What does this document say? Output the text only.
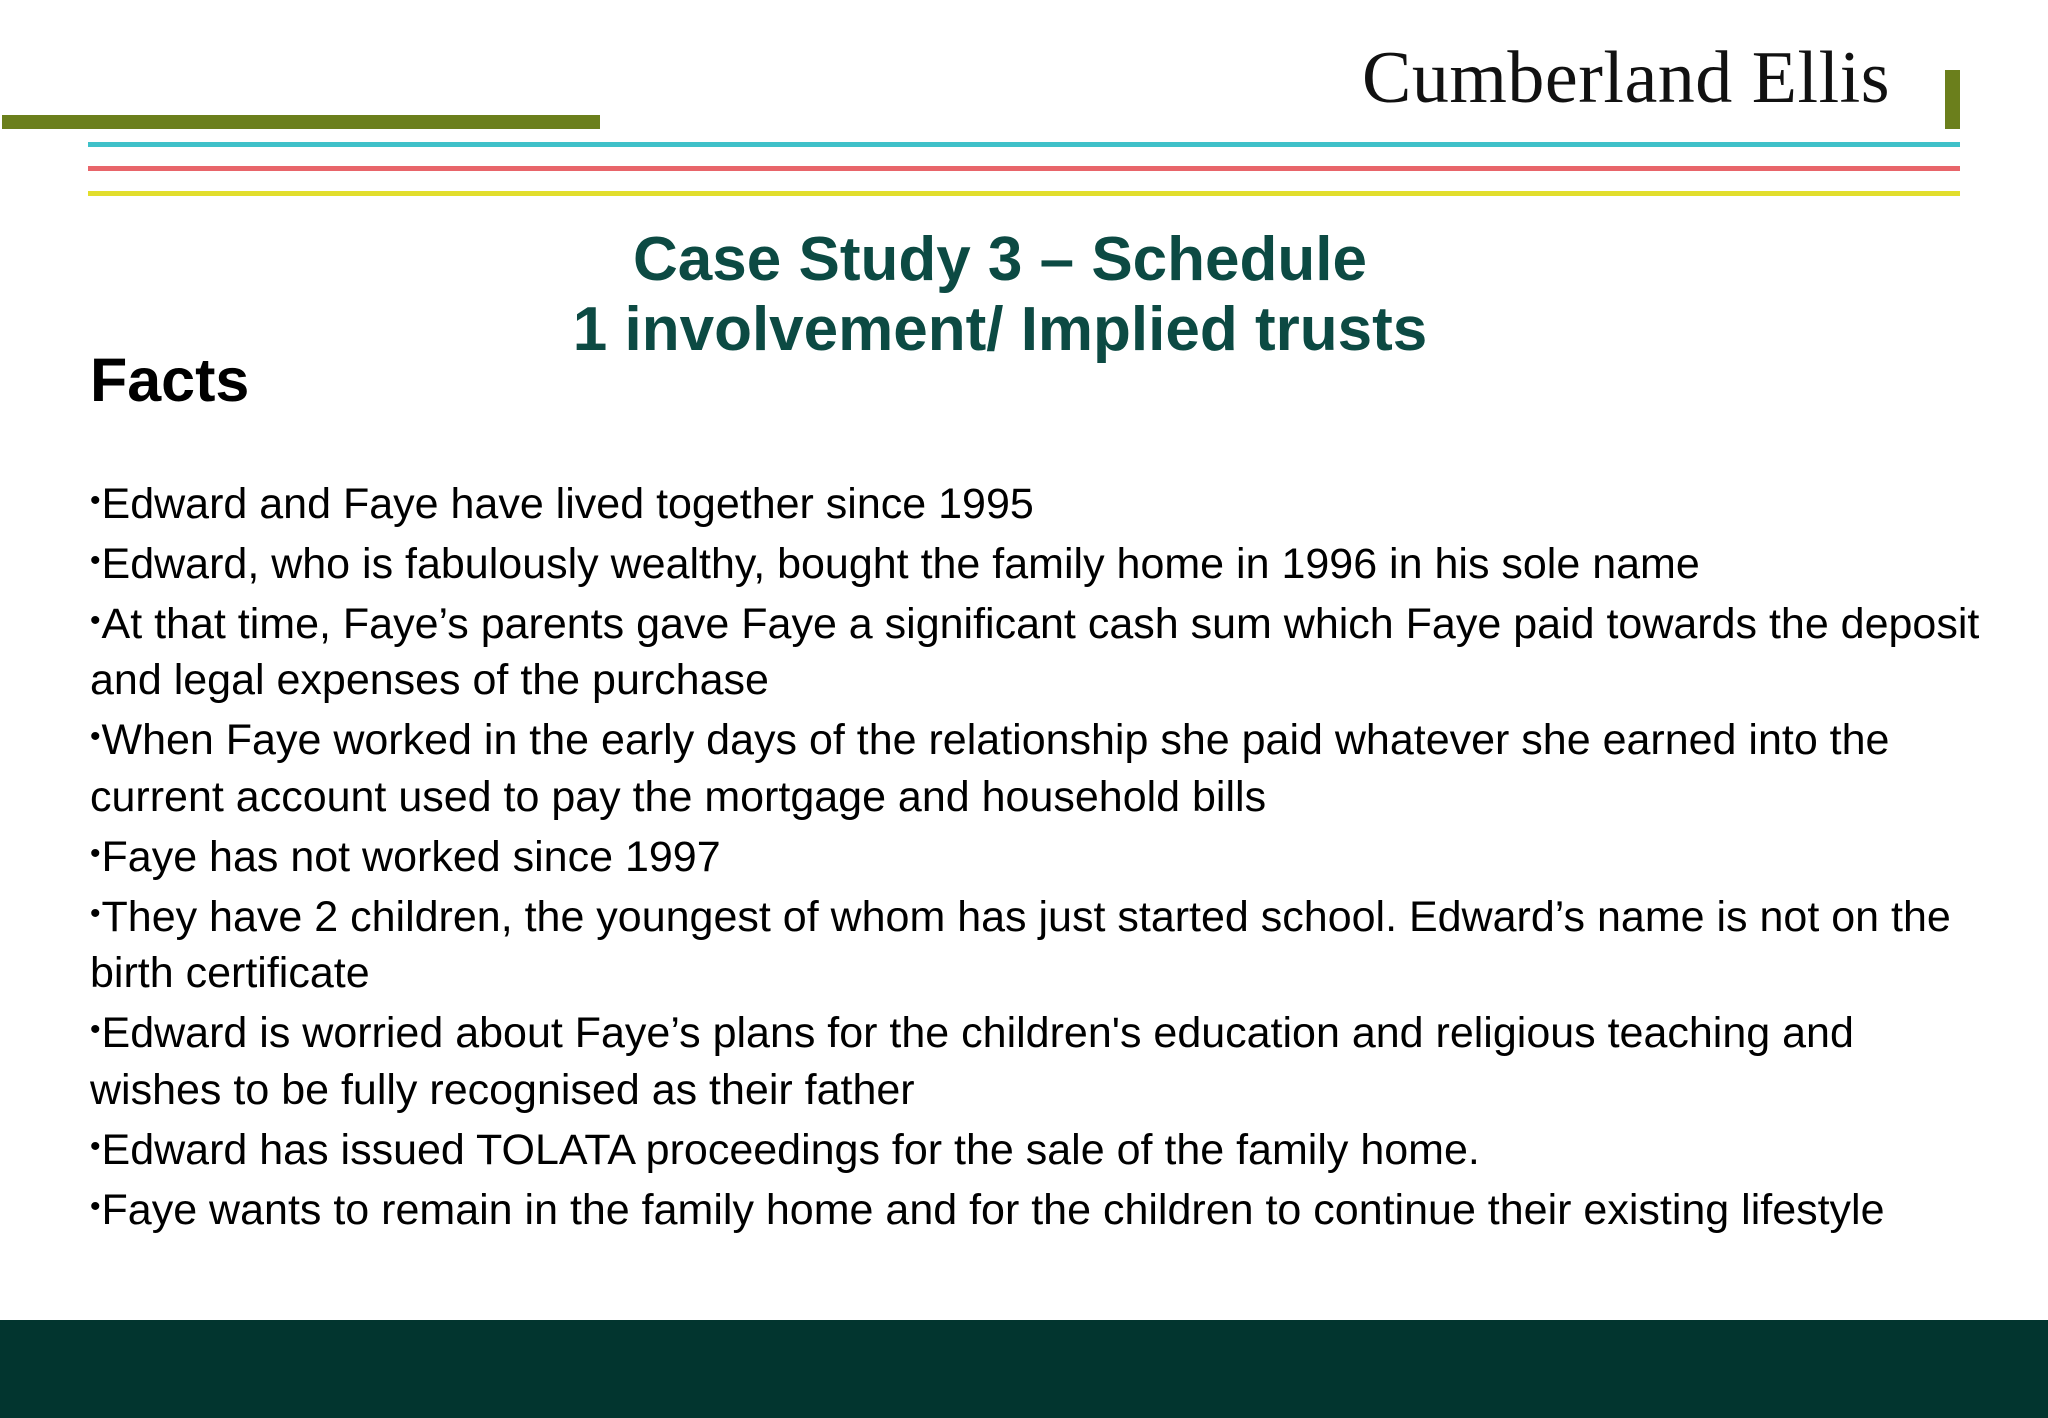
Cumberland Ellis
Case Study 3 – Schedule
1 involvement/ Implied trusts
Facts
• Edward and Faye have lived together since 1995
• Edward, who is fabulously wealthy, bought the family home in 1996 in his sole name
• At that time, Faye’s parents gave Faye a significant cash sum which Faye paid towards the deposit and legal expenses of the purchase
• When Faye worked in the early days of the relationship she paid whatever she earned into the current account used to pay the mortgage and household bills
• Faye has not worked since 1997
• They have 2 children, the youngest of whom has just started school. Edward’s name is not on the birth certificate
• Edward is worried about Faye’s plans for the children's education and religious teaching and wishes to be fully recognised as their father
• Edward has issued TOLATA proceedings for the sale of the family home.
• Faye wants to remain in the family home and for the children to continue their existing lifestyle
